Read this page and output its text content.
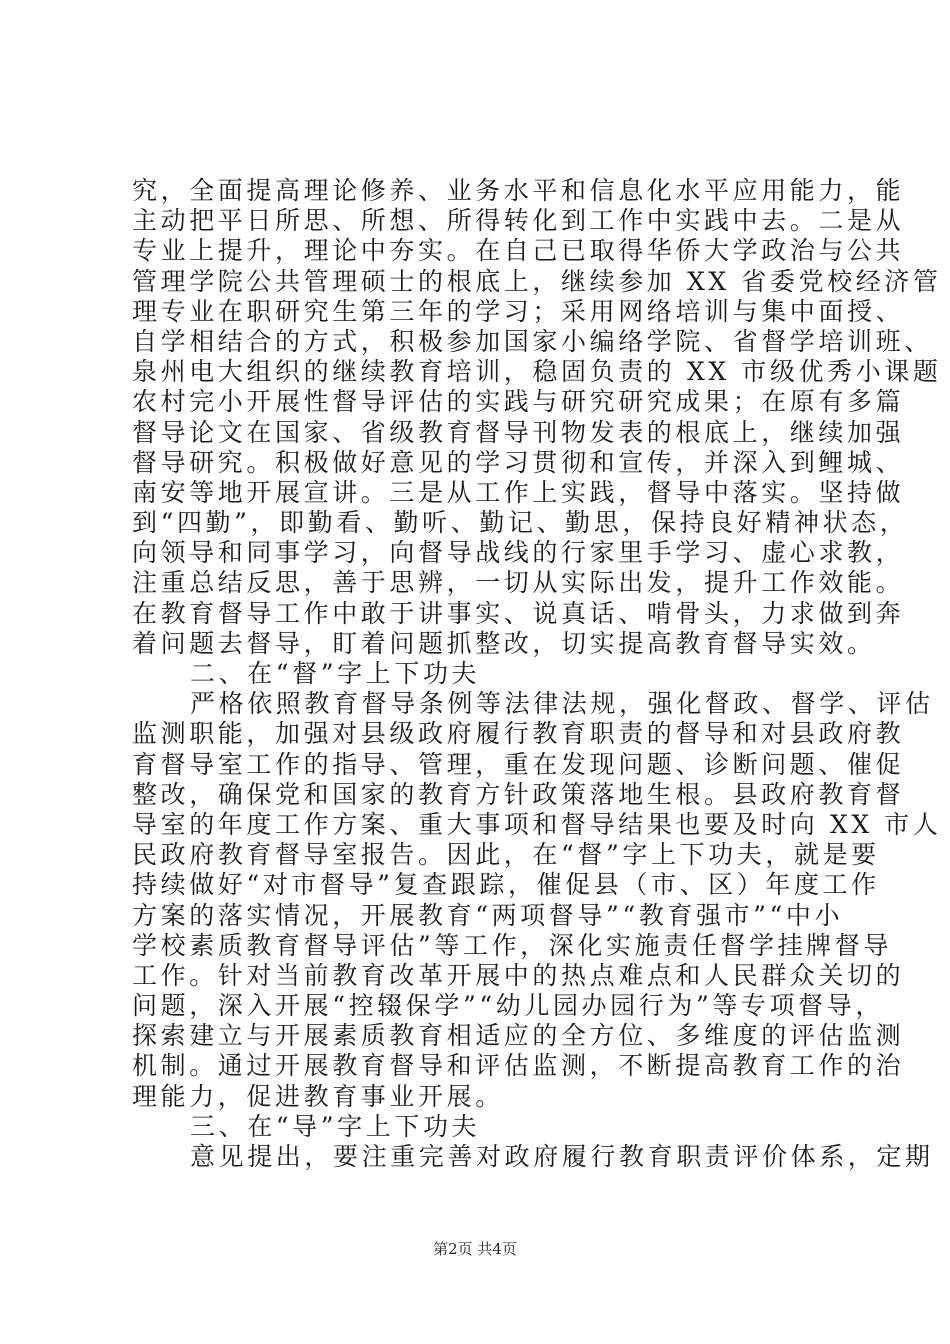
究，全面提高理论修养、业务水平和信息化水平应用能力，能
主动把平日所思、所想、所得转化到工作中实践中去。二是从
专业上提升，理论中夯实。在自己已取得华侨大学政治与公共
管理学院公共管理硕士的根底上，继续参加 XX 省委党校经济管
理专业在职研究生第三年的学习；采用网络培训与集中面授、
自学相结合的方式，积极参加国家小编络学院、省督学培训班、
泉州电大组织的继续教育培训，稳固负责的 XX 市级优秀小课题
农村完小开展性督导评估的实践与研究研究成果；在原有多篇
督导论文在国家、省级教育督导刊物发表的根底上，继续加强
督导研究。积极做好意见的学习贯彻和宣传，并深入到鲤城、
南安等地开展宣讲。三是从工作上实践，督导中落实。坚持做
到“四勤”，即勤看、勤听、勤记、勤思，保持良好精神状态，
向领导和同事学习，向督导战线的行家里手学习、虚心求教，
注重总结反思，善于思辨，一切从实际出发，提升工作效能。
在教育督导工作中敢于讲事实、说真话、啃骨头，力求做到奔
着问题去督导，盯着问题抓整改，切实提高教育督导实效。
二、在“督”字上下功夫
严格依照教育督导条例等法律法规，强化督政、督学、评估
监测职能，加强对县级政府履行教育职责的督导和对县政府教
育督导室工作的指导、管理，重在发现问题、诊断问题、催促
整改，确保党和国家的教育方针政策落地生根。县政府教育督
导室的年度工作方案、重大事项和督导结果也要及时向 XX 市人
民政府教育督导室报告。因此，在“督”字上下功夫，就是要
持续做好“对市督导”复查跟踪，催促县（市、区）年度工作
方案的落实情况，开展教育“两项督导”“教育强市”“中小
学校素质教育督导评估”等工作，深化实施责任督学挂牌督导
工作。针对当前教育改革开展中的热点难点和人民群众关切的
问题，深入开展“控辍保学”“幼儿园办园行为”等专项督导，
探索建立与开展素质教育相适应的全方位、多维度的评估监测
机制。通过开展教育督导和评估监测，不断提高教育工作的治
理能力，促进教育事业开展。
三、在“导”字上下功夫
意见提出，要注重完善对政府履行教育职责评价体系，定期
第2页 共4页
